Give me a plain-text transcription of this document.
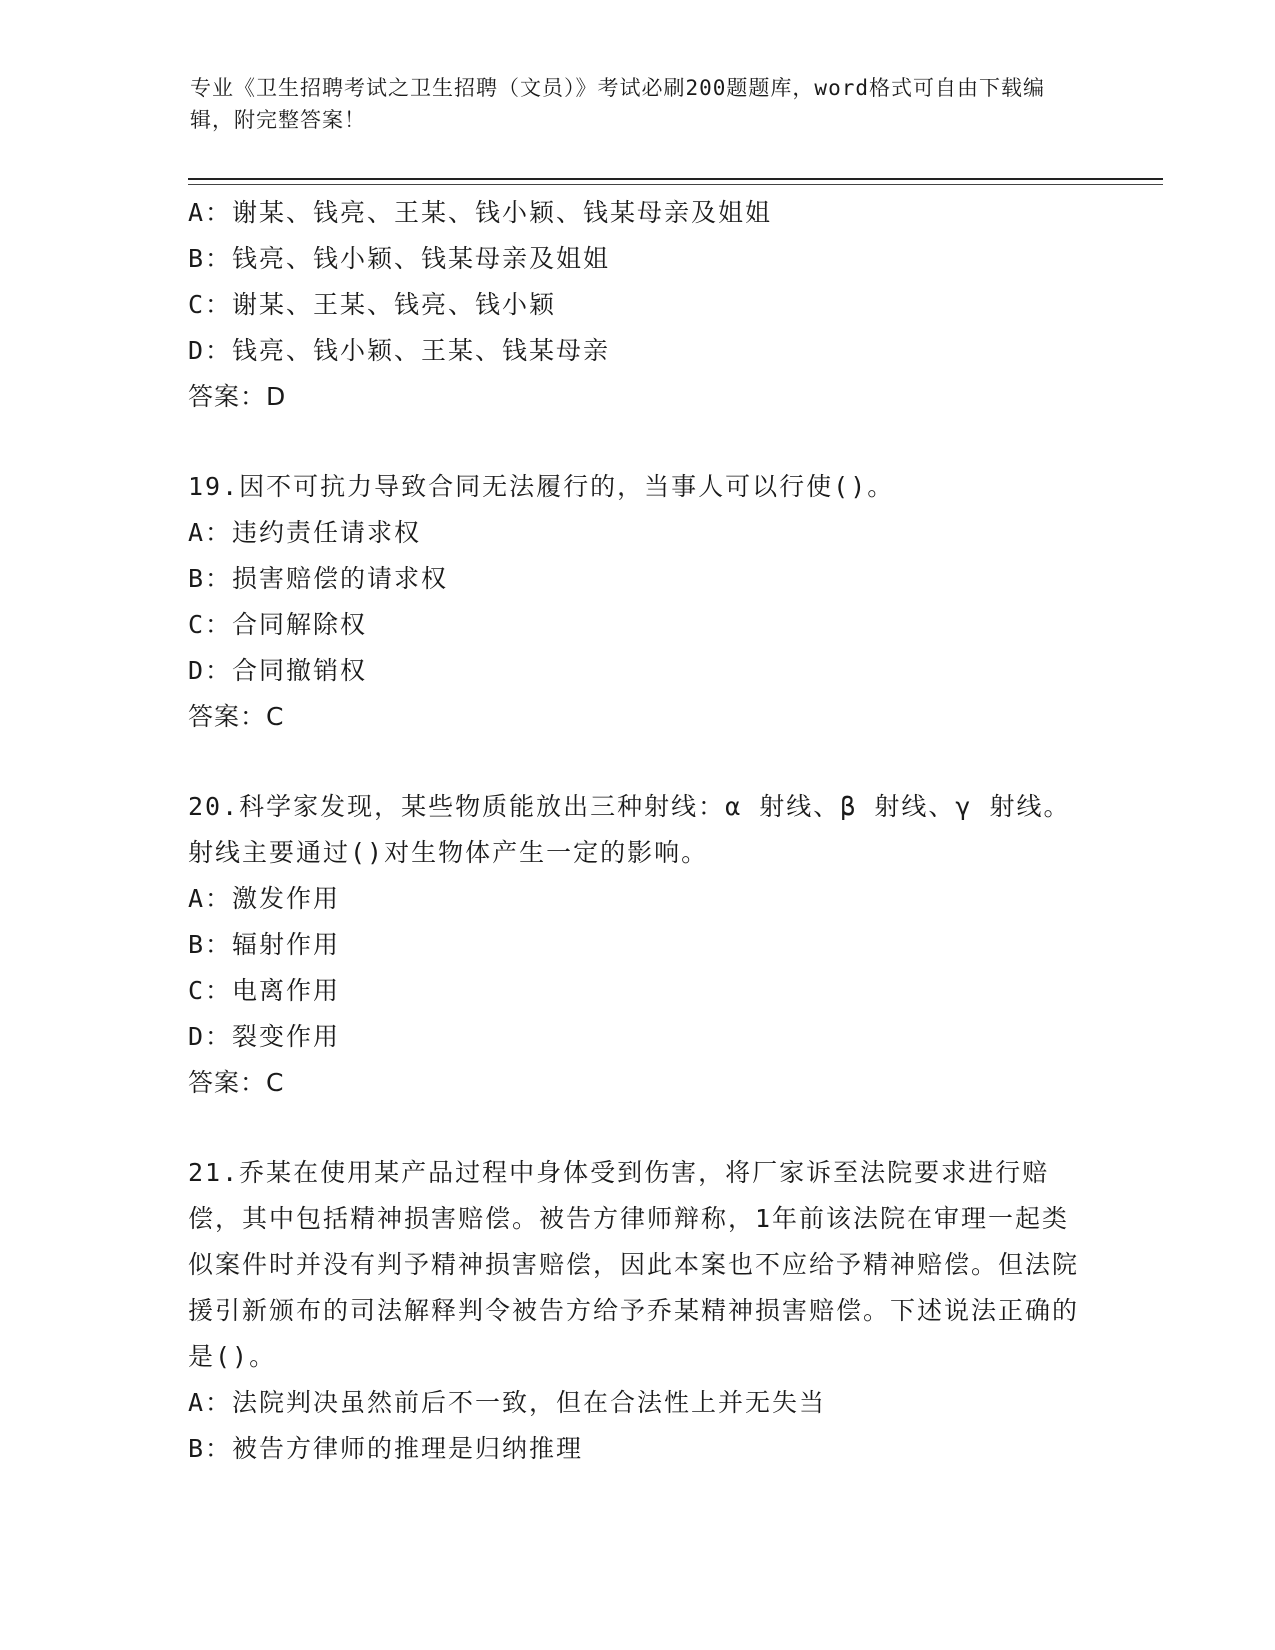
专业《卫生招聘考试之卫生招聘（文员）》考试必刷200题题库，word格式可自由下载编辑，附完整答案！
A：谢某、钱亮、王某、钱小颖、钱某母亲及姐姐
B：钱亮、钱小颖、钱某母亲及姐姐
C：谢某、王某、钱亮、钱小颖
D：钱亮、钱小颖、王某、钱某母亲
答案：D
19.因不可抗力导致合同无法履行的，当事人可以行使()。
A：违约责任请求权
B：损害赔偿的请求权
C：合同解除权
D：合同撤销权
答案：C
20.科学家发现，某些物质能放出三种射线：α 射线、β 射线、γ 射线。射线主要通过()对生物体产生一定的影响。
A：激发作用
B：辐射作用
C：电离作用
D：裂变作用
答案：C
21.乔某在使用某产品过程中身体受到伤害，将厂家诉至法院要求进行赔偿，其中包括精神损害赔偿。被告方律师辩称，1年前该法院在审理一起类似案件时并没有判予精神损害赔偿，因此本案也不应给予精神赔偿。但法院援引新颁布的司法解释判令被告方给予乔某精神损害赔偿。下述说法正确的是()。
A：法院判决虽然前后不一致，但在合法性上并无失当
B：被告方律师的推理是归纳推理
